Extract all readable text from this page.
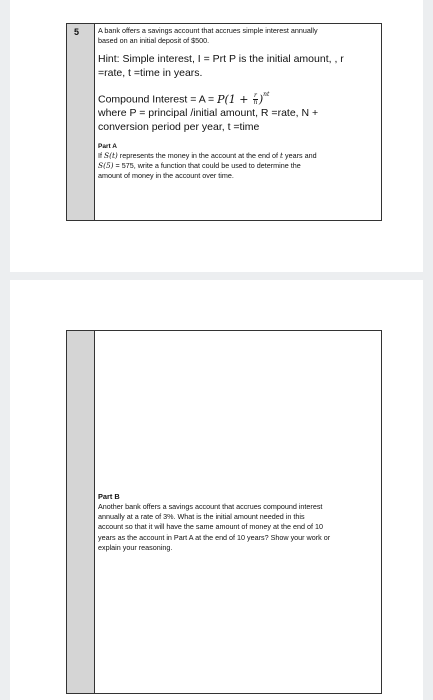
5	A bank offers a savings account that accrues simple interest annually
based on an initial deposit of $500.
Hint: Simple interest, I = Prt P is the initial amount, , r
=rate, t =time in years.
Compound Interest = $A = P(1 + \frac{r}{n} )^{nt}$
where P = principal /initial amount, R =rate, N +
conversion period per year, t =time
Part A
If S(t) represents the money in the account at the end of t years and
S(5) = 575, write a function that could be used to determine the
amount of money in the account over time.
Part B
Another bank offers a savings account that accrues compound interest
annually at a rate of 3%. What is the initial amount needed in this
account so that it will have the same amount of money at the end of 10
years as the account in Part A at the end of 10 years? Show your work or
explain your reasoning.
